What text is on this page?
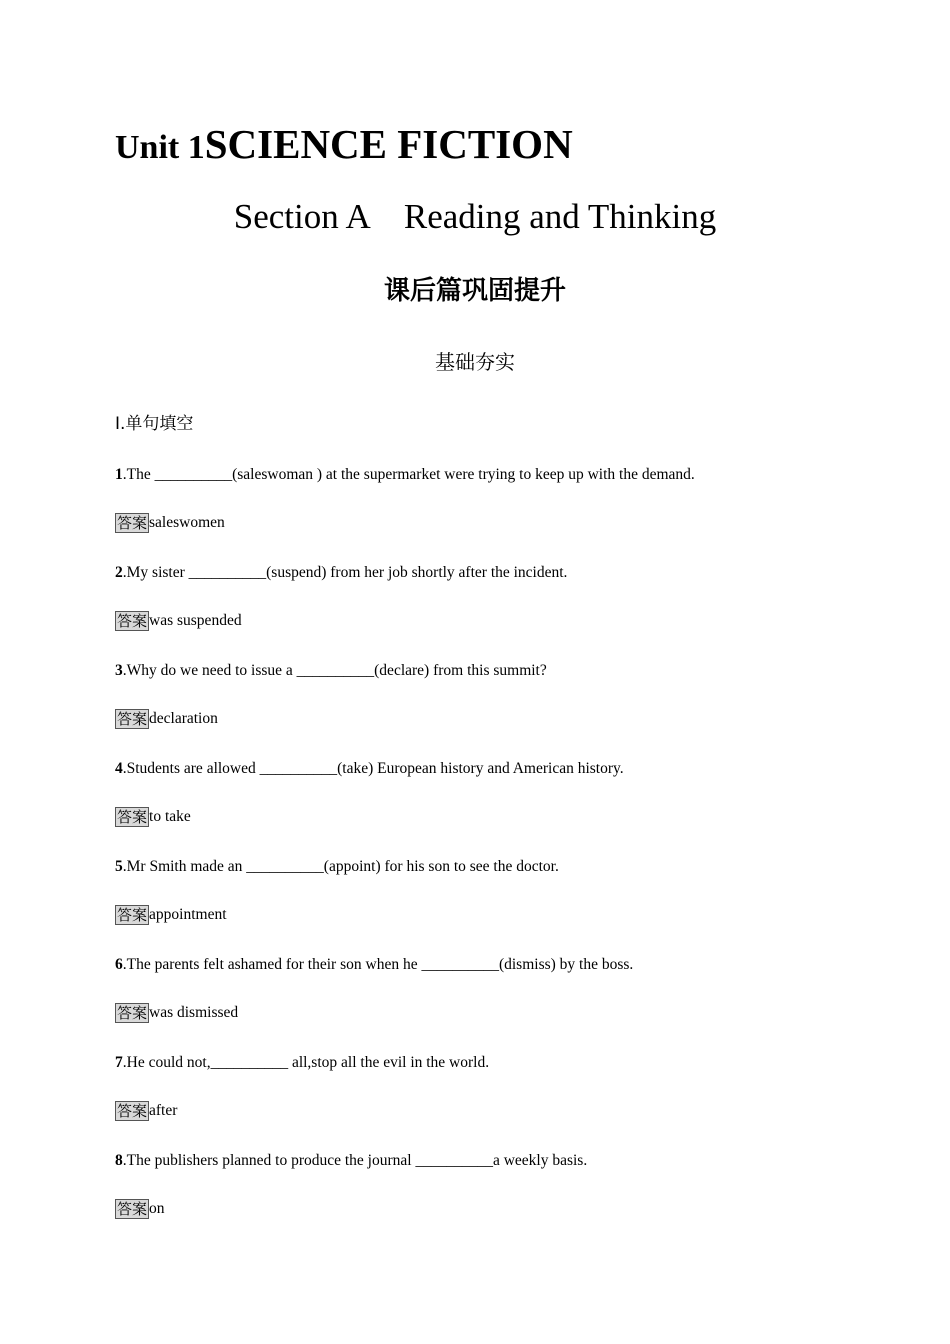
Unit 1SCIENCE FICTION
Section A    Reading and Thinking
课后篇巩固提升
基础夯实
Ⅰ.单句填空
1.The __________(saleswoman ) at the supermarket were trying to keep up with the demand.
答案 saleswomen
2.My sister __________(suspend) from her job shortly after the incident.
答案 was suspended
3.Why do we need to issue a __________(declare) from this summit?
答案 declaration
4.Students are allowed __________(take) European history and American history.
答案 to take
5.Mr Smith made an __________(appoint) for his son to see the doctor.
答案 appointment
6.The parents felt ashamed for their son when he __________(dismiss) by the boss.
答案 was dismissed
7.He could not,__________ all,stop all the evil in the world.
答案 after
8.The publishers planned to produce the journal __________a weekly basis.
答案 on
